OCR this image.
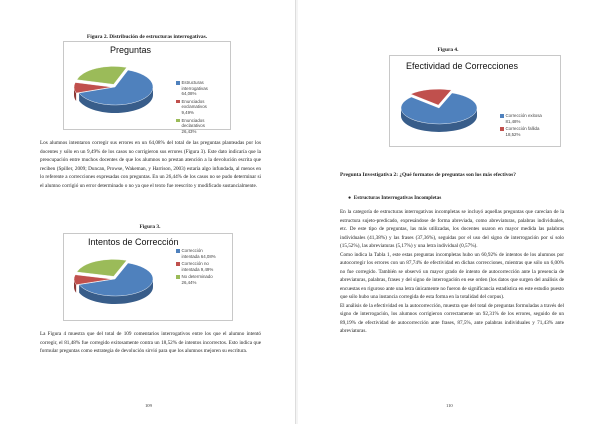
Figura 2. Distribución de estructuras interrogativas.
Preguntas
Estructuras interrogativas 64,08%
Enunciados exclamativos 9,49%
Enunciados declarativos 26,43%

Los alumnos intentaron corregir sus errores en un 64,08% del total de las preguntas planteadas por los docentes y sólo en un 9,49% de los casos no corrigieron sus errores (Figura 3). Este dato indicaría que la preocupación entre muchos docentes de que los alumnos no prestan atención a la devolución escrita que reciben (Spiller, 2009; Duncan, Prowse, Wakeman, y Harrison, 2003) estaría algo infundada, al menos en lo referente a correcciones expresadas con preguntas. En un 26,44% de los casos no se pudo determinar si el alumno corrigió un error determinado o no ya que el texto fue reescrito y modificado sustancialmente.

Figura 3.
Intentos de Corrección
Corrección intentada 64,08%
Corrección no intentada 9,49%
No determinado 26,44%

La Figura 4 muestra que del total de 109 comentarios interrogativos entre los que el alumno intentó corregir, el 81,48% fue corregido exitosamente contra un 18,52% de intentos incorrectos. Esto indica que formular preguntas como estrategia de devolución sirvió para que los alumnos mejoren su escritura.

109
Figura 4.
Efectividad de Correcciones
Corrección exitosa 81,48%
Corrección fallida 18,52%
Pregunta Investigativa 2: ¿Qué formatos de preguntas son los más efectivos?
●  Estructuras Interrogativas Incompletas

En la categoría de estructuras interrogativas incompletas se incluyó aquellas preguntas que carecían de la estructura sujeto-predicado, expresándose de forma abreviada, como abreviaturas, palabras individuales, etc. De este tipo de preguntas, las más utilizadas, los docentes usaron en mayor medida las palabras individuales (41,38%) y las frases (37,36%), seguidas por el uso del signo de interrogación por sí solo (15,52%), las abreviaturas (5,17%) y una letra individual (0,57%).

Como indica la Tabla 1, este estas preguntas incompletas hubo un 60,92% de intentos de los alumnos por autocorregir los errores con un 87,74% de efectividad en dichas correcciones, mientras que sólo un 6,00% no fue corregido. También se observó un mayor grado de intento de autocorrección ante la presencia de abreviaturas, palabras, frases y del signo de interrogación en ese orden (los datos que surgen del análisis de encuestas en riguroso ante una letra únicamente no fueron de significancia estadística en este estudio puesto que sólo hubo una instancia corregida de esta forma en la totalidad del corpus).

El análisis de la efectividad en la autocorrección, muestra que del total de preguntas formuladas a través del signo de interrogación, los alumnos corrigieron correctamente un 92,31% de los errores, seguido de un 89,19% de efectividad de autocorrección ante frases, 87,5%, ante palabras individuales y 71,43% ante abreviaturas.

110
